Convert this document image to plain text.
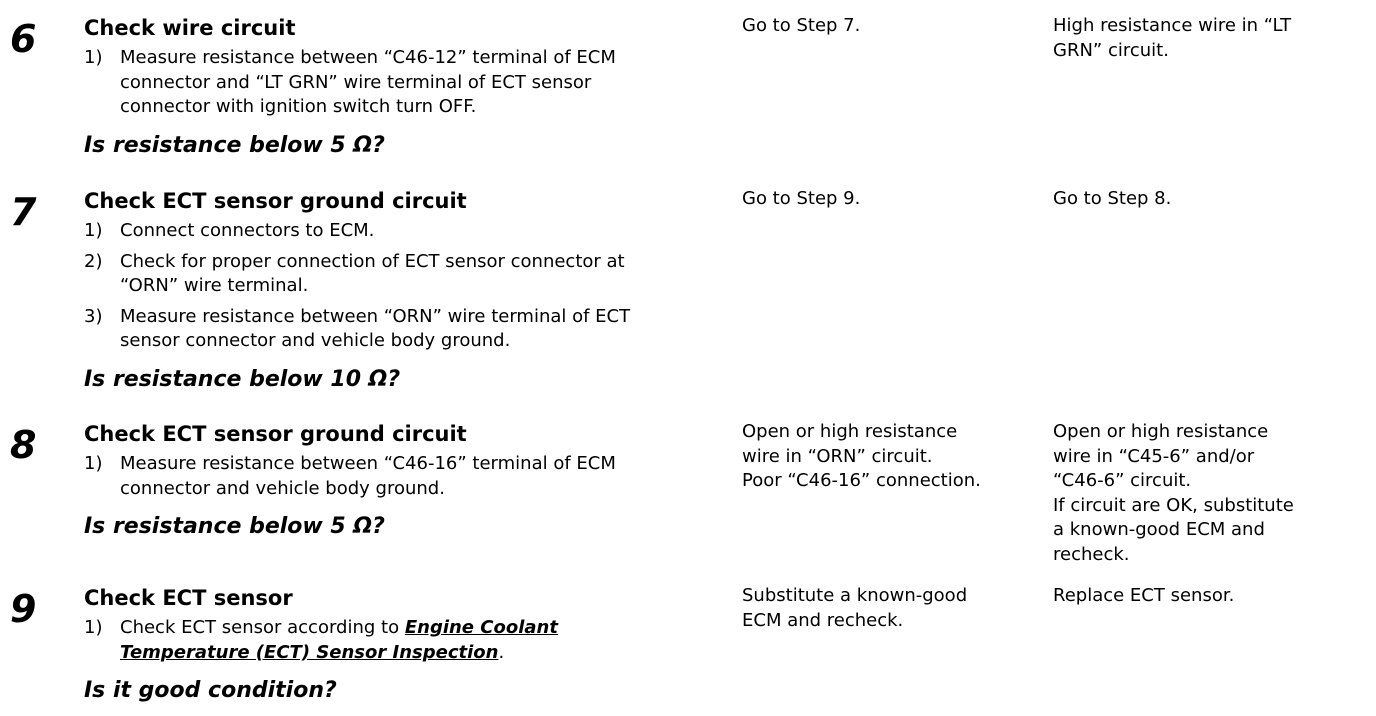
6 Check wire circuit
1) Measure resistance between “C46-12” terminal of ECM
connector and “LT GRN” wire terminal of ECT sensor
connector with ignition switch turn OFF.
Is resistance below 5 Ω?
Go to Step 7.	High resistance wire in “LT
GRN” circuit.
7 Check ECT sensor ground circuit
1) Connect connectors to ECM.
2) Check for proper connection of ECT sensor connector at
“ORN” wire terminal.
3) Measure resistance between “ORN” wire terminal of ECT
sensor connector and vehicle body ground.
Is resistance below 10 Ω?
Go to Step 9.	Go to Step 8.
8 Check ECT sensor ground circuit
1) Measure resistance between “C46-16” terminal of ECM
connector and vehicle body ground.
Is resistance below 5 Ω?
Open or high resistance
wire in “ORN” circuit.
Poor “C46-16” connection.
Open or high resistance
wire in “C45-6” and/or
“C46-6” circuit.
If circuit are OK, substitute
a known-good ECM and
recheck.
9 Check ECT sensor
1) Check ECT sensor according to Engine Coolant
Temperature (ECT) Sensor Inspection.
Is it good condition?
Substitute a known-good
ECM and recheck.
Replace ECT sensor.
